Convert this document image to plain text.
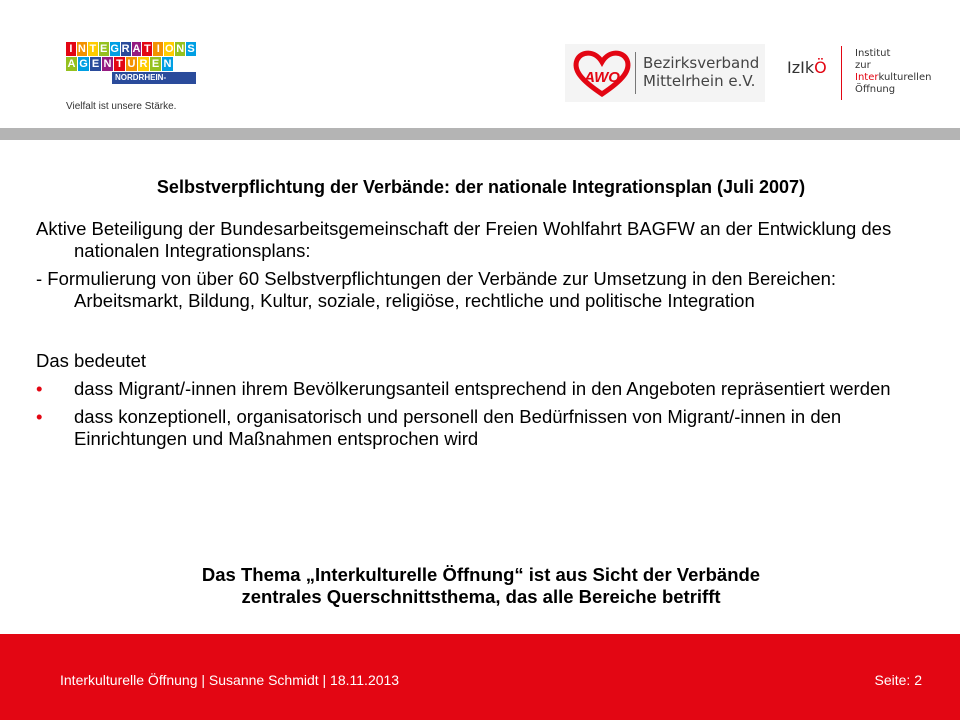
I N T E G R A T I O N S
A G E N T U R E N
NORDRHEIN-WESTFALEN
Vielfalt ist unsere Stärke.
AWO
Bezirksverband
Mittelrhein e.V.
IzIkÖ
Institut
zur
Interkulturellen
Öffnung
Selbstverpflichtung der Verbände: der nationale Integrationsplan (Juli 2007)

Aktive Beteiligung der Bundesarbeitsgemeinschaft der Freien Wohlfahrt BAGFW an der Entwicklung des nationalen Integrationsplans:

- Formulierung von über 60 Selbstverpflichtungen der Verbände zur Umsetzung in den Bereichen: Arbeitsmarkt, Bildung, Kultur, soziale, religiöse, rechtliche und politische Integration

Das bedeutet

• dass Migrant/-innen ihrem Bevölkerungsanteil entsprechend in den Angeboten repräsentiert werden

• dass konzeptionell, organisatorisch und personell den Bedürfnissen von Migrant/-innen in den Einrichtungen und Maßnahmen entsprochen wird

Das Thema „Interkulturelle Öffnung“ ist aus Sicht der Verbände
zentrales Querschnittsthema, das alle Bereiche betrifft
Interkulturelle Öffnung | Susanne Schmidt | 18.11.2013	Seite: 2
